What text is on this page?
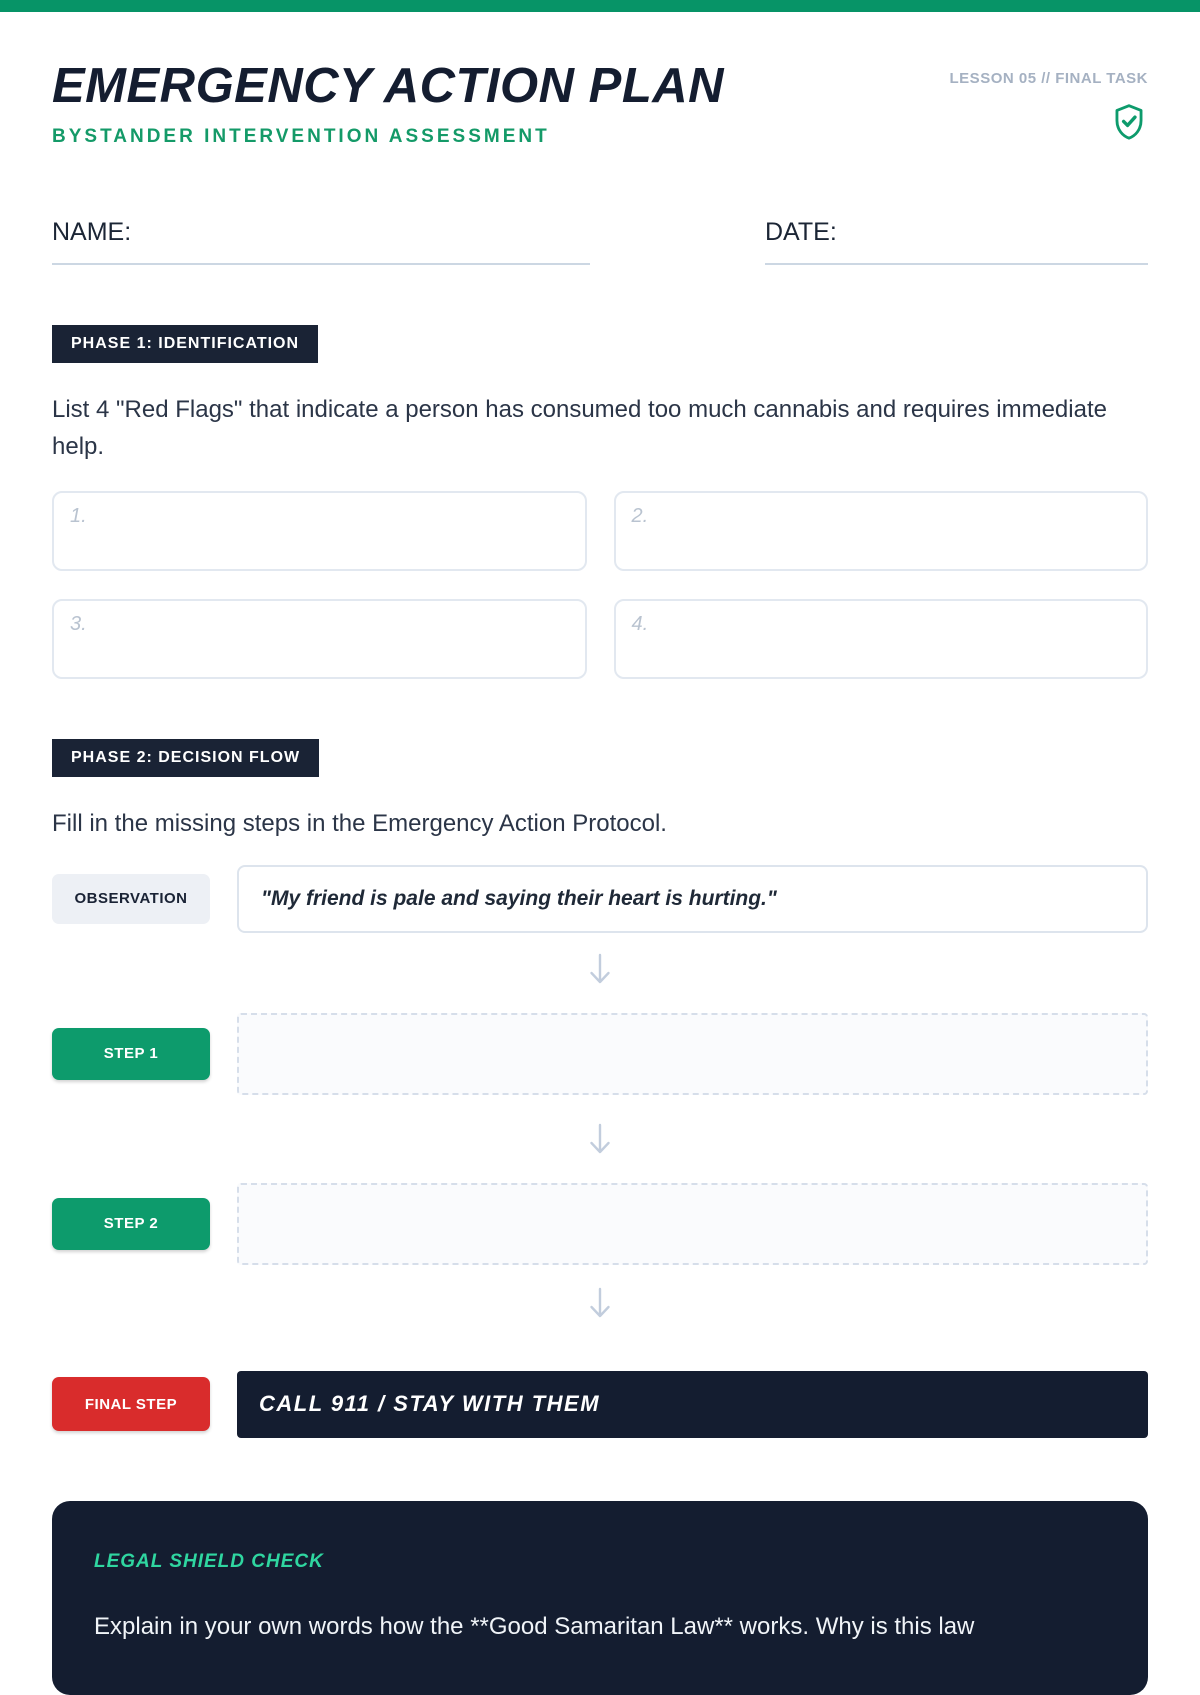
EMERGENCY ACTION PLAN
BYSTANDER INTERVENTION ASSESSMENT
LESSON 05 // FINAL TASK
NAME:	DATE:
PHASE 1: IDENTIFICATION

List 4 "Red Flags" that indicate a person has consumed too much cannabis and requires immediate help.

1.	2.
3.	4.
PHASE 2: DECISION FLOW

Fill in the missing steps in the Emergency Action Protocol.

OBSERVATION	"My friend is pale and saying their heart is hurting."
STEP 1
STEP 2
FINAL STEP	CALL 911 / STAY WITH THEM
LEGAL SHIELD CHECK

Explain in your own words how the **Good Samaritan Law** works. Why is this law
